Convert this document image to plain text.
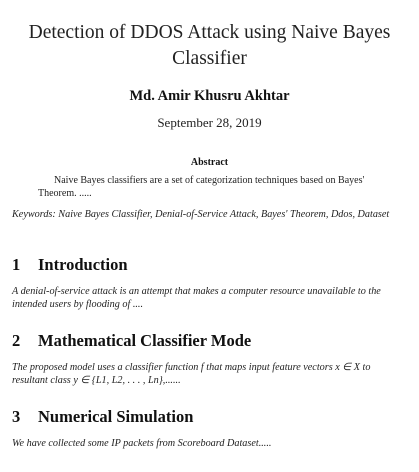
Detection of DDOS Attack using Naive Bayes Classifier
Md. Amir Khusru Akhtar
September 28, 2019
Abstract

Naive Bayes classifiers are a set of categorization techniques based on Bayes' Theorem. .....

Keywords: Naive Bayes Classifier, Denial-of-Service Attack, Bayes' Theorem, Ddos, Dataset

1 Introduction

A denial-of-service attack is an attempt that makes a computer resource unavailable to the intended users by flooding of ....

2 Mathematical Classifier Mode

The proposed model uses a classifier function f that maps input feature vectors x ∈ X to resultant class y ∈ {L1, L2, . . . , Ln},......

3 Numerical Simulation

We have collected some IP packets from Scoreboard Dataset.....
